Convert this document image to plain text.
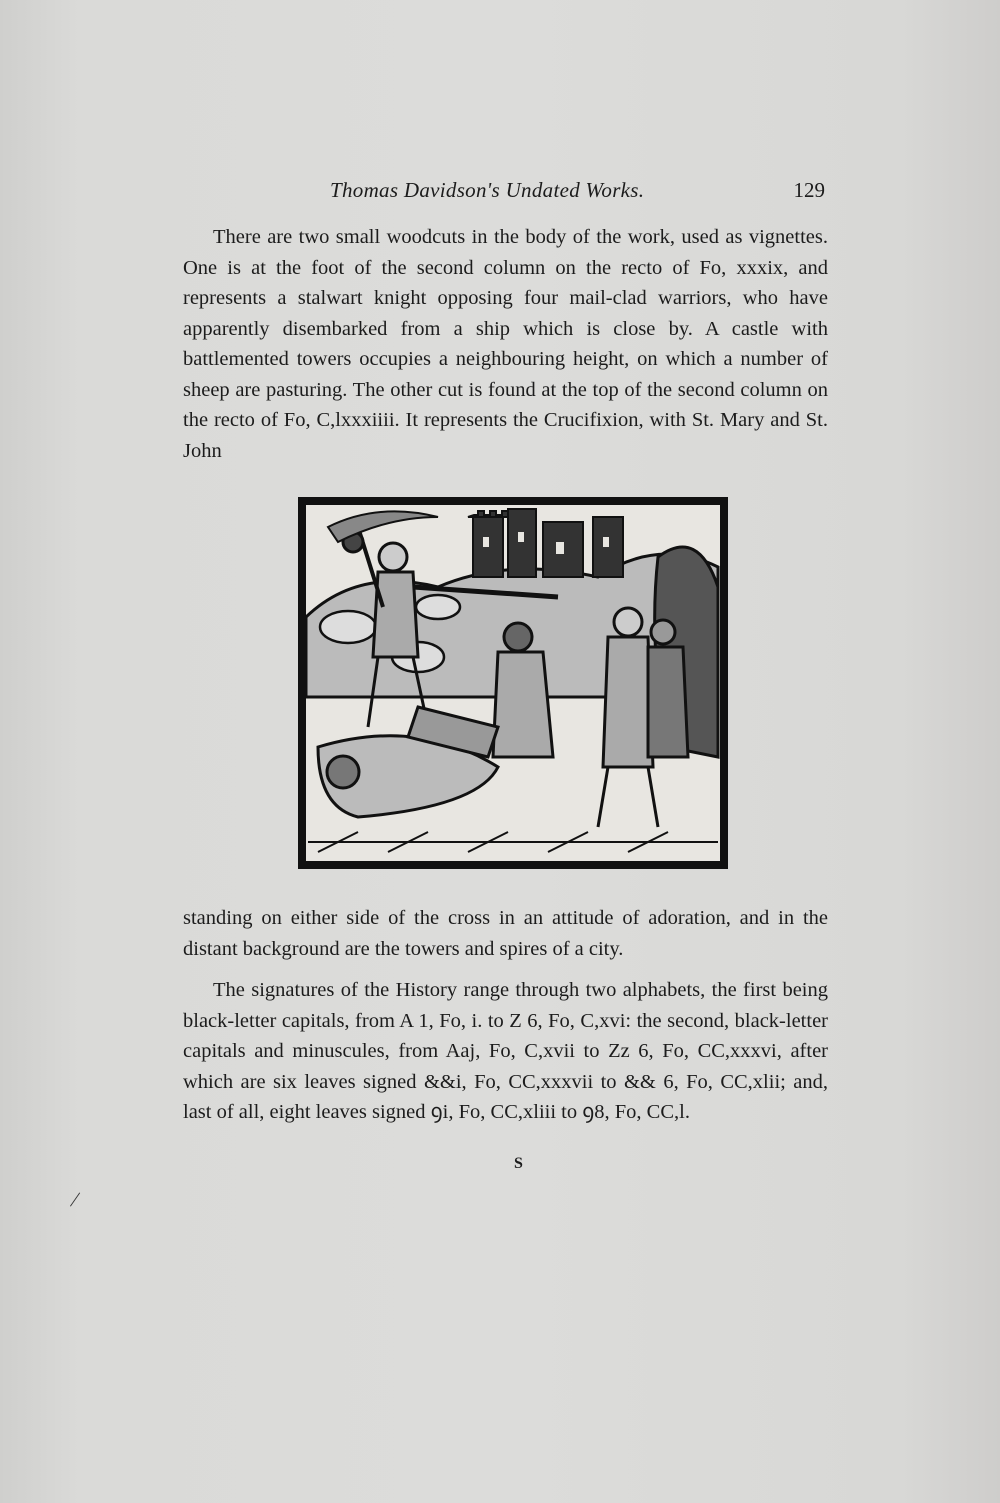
Thomas Davidson's Undated Works.	129

There are two small woodcuts in the body of the work, used as vignettes. One is at the foot of the second column on the recto of Fo, xxxix, and represents a stalwart knight opposing four mail-clad warriors, who have apparently disembarked from a ship which is close by. A castle with battlemented towers occupies a neighbouring height, on which a number of sheep are pasturing. The other cut is found at the top of the second column on the recto of Fo, C,lxxxiiii. It represents the Crucifixion, with St. Mary and St. John

standing on either side of the cross in an attitude of adoration, and in the distant background are the towers and spires of a city.

The signatures of the History range through two alphabets, the first being black-letter capitals, from A 1, Fo, i. to Z 6, Fo, C,xvi: the second, black-letter capitals and minuscules, from Aaj, Fo, C,xvii to Zz 6, Fo, CC,xxxvi, after which are six leaves signed &&i, Fo, CC,xxxvii to && 6, Fo, CC,xlii; and, last of all, eight leaves signed ꝯi, Fo, CC,xliii to ꝯ8, Fo, CC,l.

S
|
